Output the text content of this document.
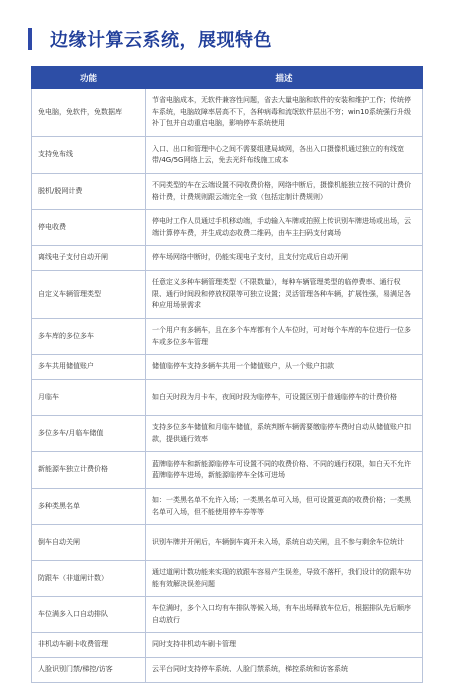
边缘计算云系统，展现特色
功能	描述
免电脑，免软件，免数据库	节省电脑成本，无软件兼容性问题，省去大量电脑和软件的安装和维护工作；传统停车系统，电脑故障率居高不下，各种病毒和流氓软件层出不穷；win10系统强行升级补丁包并自动重启电脑，影响停车系统使用
支持免布线	入口、出口和管理中心之间不需要组建局域网，各出入口摄像机通过独立的有线宽带/4G/5G网络上云，免去光纤布线施工成本
脱机/脱网计费	不同类型的车在云端设置不同收费价格，网络中断后，摄像机能独立按不同的计费价格计费，计费规则跟云端完全一致（包括定制计费规则）
停电收费	停电时工作人员通过手机移动端，手动输入车牌或拍照上传识别车牌进场或出场，云端计算停车费，并生成动态收费二维码，由车主扫码支付离场
离线电子支付自动开闸	停车场网络中断时，仍能实现电子支付，且支付完成后自动开闸
自定义车辆管理类型	任意定义多种车辆管理类型（不限数量），每种车辆管理类型的临停费率、通行权限、通行时间段和停放权限等可独立设置；灵活管理各种车辆，扩展性强，易满足各种应用场景需求
多车库的多位多车	一个用户有多辆车，且在多个车库都有个人车位时，可对每个车库的车位进行一位多车或多位多车管理
多车共用储值账户	储值临停车支持多辆车共用一个储值账户，从一个账户扣款
月临车	如白天时段为月卡车，夜间时段为临停车，可设置区别于普通临停车的计费价格
多位多车/月临车储值	支持多位多车储值和月临车储值，系统判断车辆需要缴临停车费时自动从储值账户扣款，提供通行效率
新能源车独立计费价格	蓝牌临停车和新能源临停车可设置不同的收费价格、不同的通行权限，如白天不允许蓝牌临停车进场，新能源临停车全体可进场
多种类黑名单	如：一类黑名单不允许入场；一类黑名单可入场，但可设置更高的收费价格；一类黑名单可入场，但不能使用停车券等等
倒车自动关闸	识别车牌并开闸后，车辆倒车离开未入场，系统自动关闸，且不参与剩余车位统计
防跟车（非道闸计数）	通过道闸计数功能来实现的放跟车容易产生误差，导致不落杆，我们设计的防跟车功能有效解决误差问题
车位满多入口自动排队	车位满时，多个入口均有车排队等候入场，有车出场释放车位后，根据排队先后顺序自动放行
非机动车刷卡收费管理	同时支持非机动车刷卡管理
人脸识别门禁/梯控/访客	云平台同时支持停车系统、人脸门禁系统，梯控系统和访客系统
